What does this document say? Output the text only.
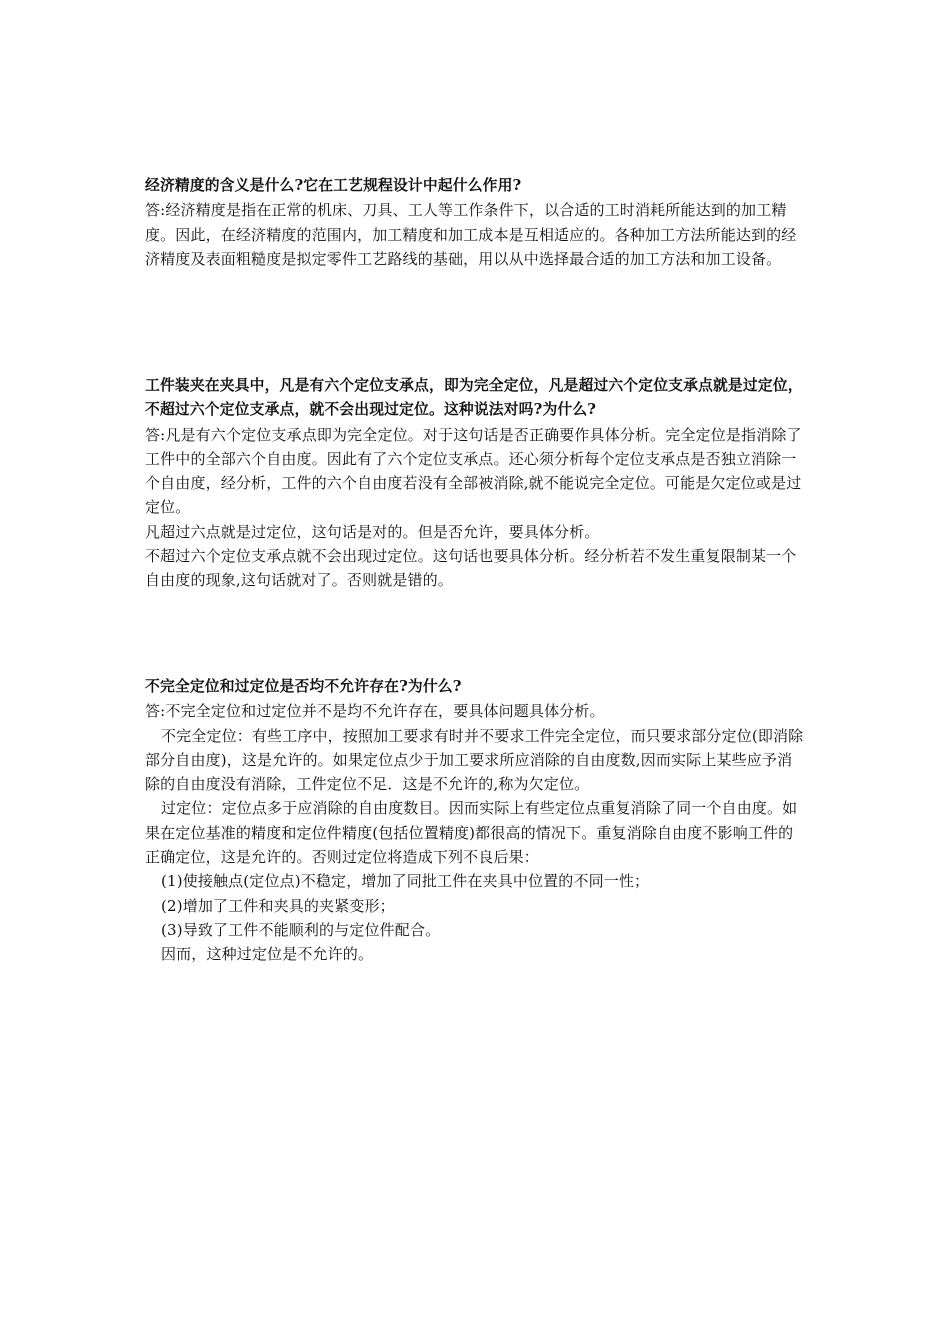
经济精度的含义是什么?它在工艺规程设计中起什么作用?

答:经济精度是指在正常的机床、刀具、工人等工作条件下，以合适的工时消耗所能达到的加工精度。因此，在经济精度的范围内，加工精度和加工成本是互相适应的。各种加工方法所能达到的经济精度及表面粗糙度是拟定零件工艺路线的基础，用以从中选择最合适的加工方法和加工设备。

工件装夹在夹具中，凡是有六个定位支承点，即为完全定位，凡是超过六个定位支承点就是过定位，不超过六个定位支承点，就不会出现过定位。这种说法对吗?为什么?

答:凡是有六个定位支承点即为完全定位。对于这句话是否正确要作具体分析。完全定位是指消除了工件中的全部六个自由度。因此有了六个定位支承点。还心须分析每个定位支承点是否独立消除一个自由度，经分析，工件的六个自由度若没有全部被消除,就不能说完全定位。可能是欠定位或是过定位。

凡超过六点就是过定位，这句话是对的。但是否允许，要具体分析。

不超过六个定位支承点就不会出现过定位。这句话也要具体分析。经分析若不发生重复限制某一个自由度的现象,这句话就对了。否则就是错的。

不完全定位和过定位是否均不允许存在?为什么?

答:不完全定位和过定位并不是均不允许存在，要具体问题具体分析。

不完全定位：有些工序中，按照加工要求有时并不要求工件完全定位，而只要求部分定位(即消除部分自由度)，这是允许的。如果定位点少于加工要求所应消除的自由度数,因而实际上某些应予消除的自由度没有消除，工件定位不足．这是不允许的,称为欠定位。

过定位：定位点多于应消除的自由度数目。因而实际上有些定位点重复消除了同一个自由度。如果在定位基准的精度和定位件精度(包括位置精度)都很高的情况下。重复消除自由度不影响工件的正确定位，这是允许的。否则过定位将造成下列不良后果：

(1)使接触点(定位点)不稳定，增加了同批工件在夹具中位置的不同一性；

(2)增加了工件和夹具的夹紧变形；

(3)导致了工件不能顺利的与定位件配合。

因而，这种过定位是不允许的。
